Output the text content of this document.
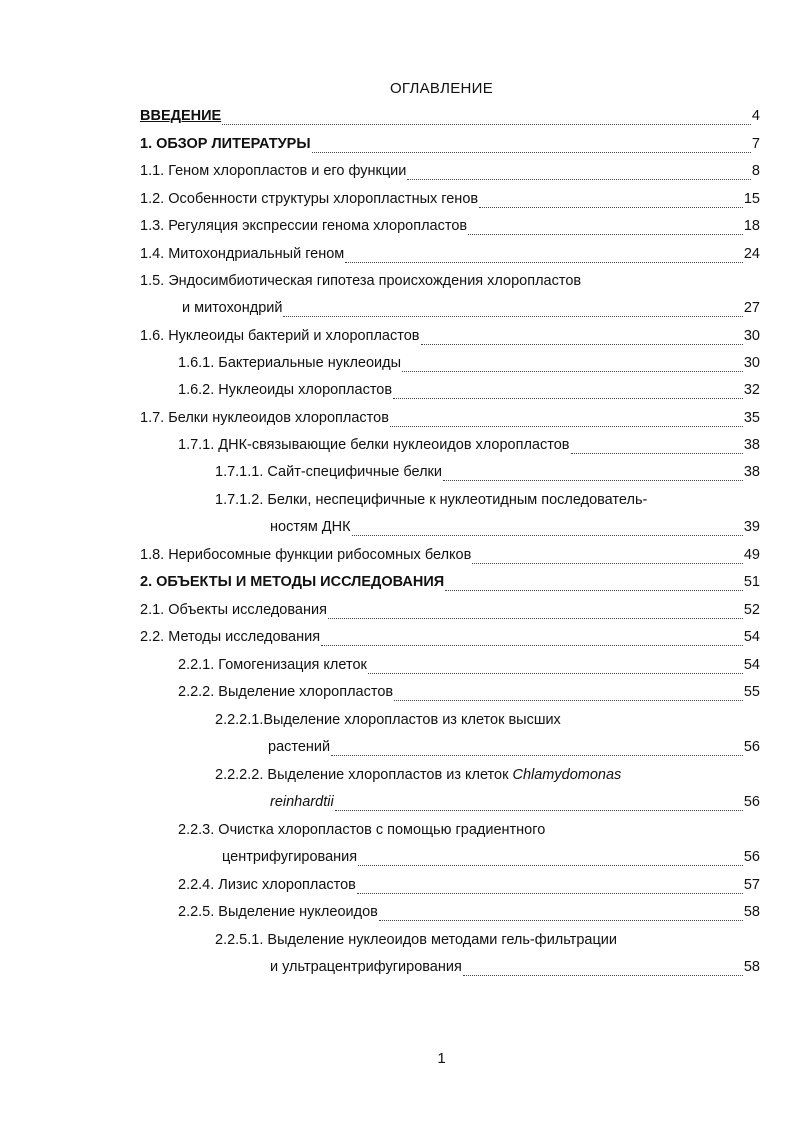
ОГЛАВЛЕНИЕ
ВВЕДЕНИЕ	4
1. ОБЗОР ЛИТЕРАТУРЫ	7
1.1. Геном хлоропластов и его функции	8
1.2. Особенности структуры хлоропластных генов	15
1.3. Регуляция экспрессии генома хлоропластов	18
1.4. Митохондриальный геном	24
1.5. Эндосимбиотическая гипотеза происхождения хлоропластов
и митохондрий	27
1.6. Нуклеоиды бактерий и хлоропластов	30
1.6.1. Бактериальные нуклеоиды	30
1.6.2. Нуклеоиды хлоропластов	32
1.7. Белки нуклеоидов хлоропластов	35
1.7.1. ДНК-связывающие белки нуклеоидов хлоропластов	38
1.7.1.1. Сайт-специфичные белки	38
1.7.1.2. Белки, неспецифичные к нуклеотидным последователь-
ностям ДНК	39
1.8. Нерибосомные функции рибосомных белков	49
2. ОБЪЕКТЫ И МЕТОДЫ ИССЛЕДОВАНИЯ	51
2.1. Объекты исследования	52
2.2. Методы исследования	54
2.2.1. Гомогенизация клеток	54
2.2.2. Выделение хлоропластов	55
2.2.2.1.Выделение хлоропластов из клеток высших
растений	56
2.2.2.2. Выделение хлоропластов из клеток Chlamydomonas
reinhardtii	56
2.2.3. Очистка хлоропластов с помощью градиентного
центрифугирования	56
2.2.4. Лизис хлоропластов	57
2.2.5. Выделение нуклеоидов	58
2.2.5.1. Выделение нуклеоидов методами гель-фильтрации
и ультрацентрифугирования	58
1
